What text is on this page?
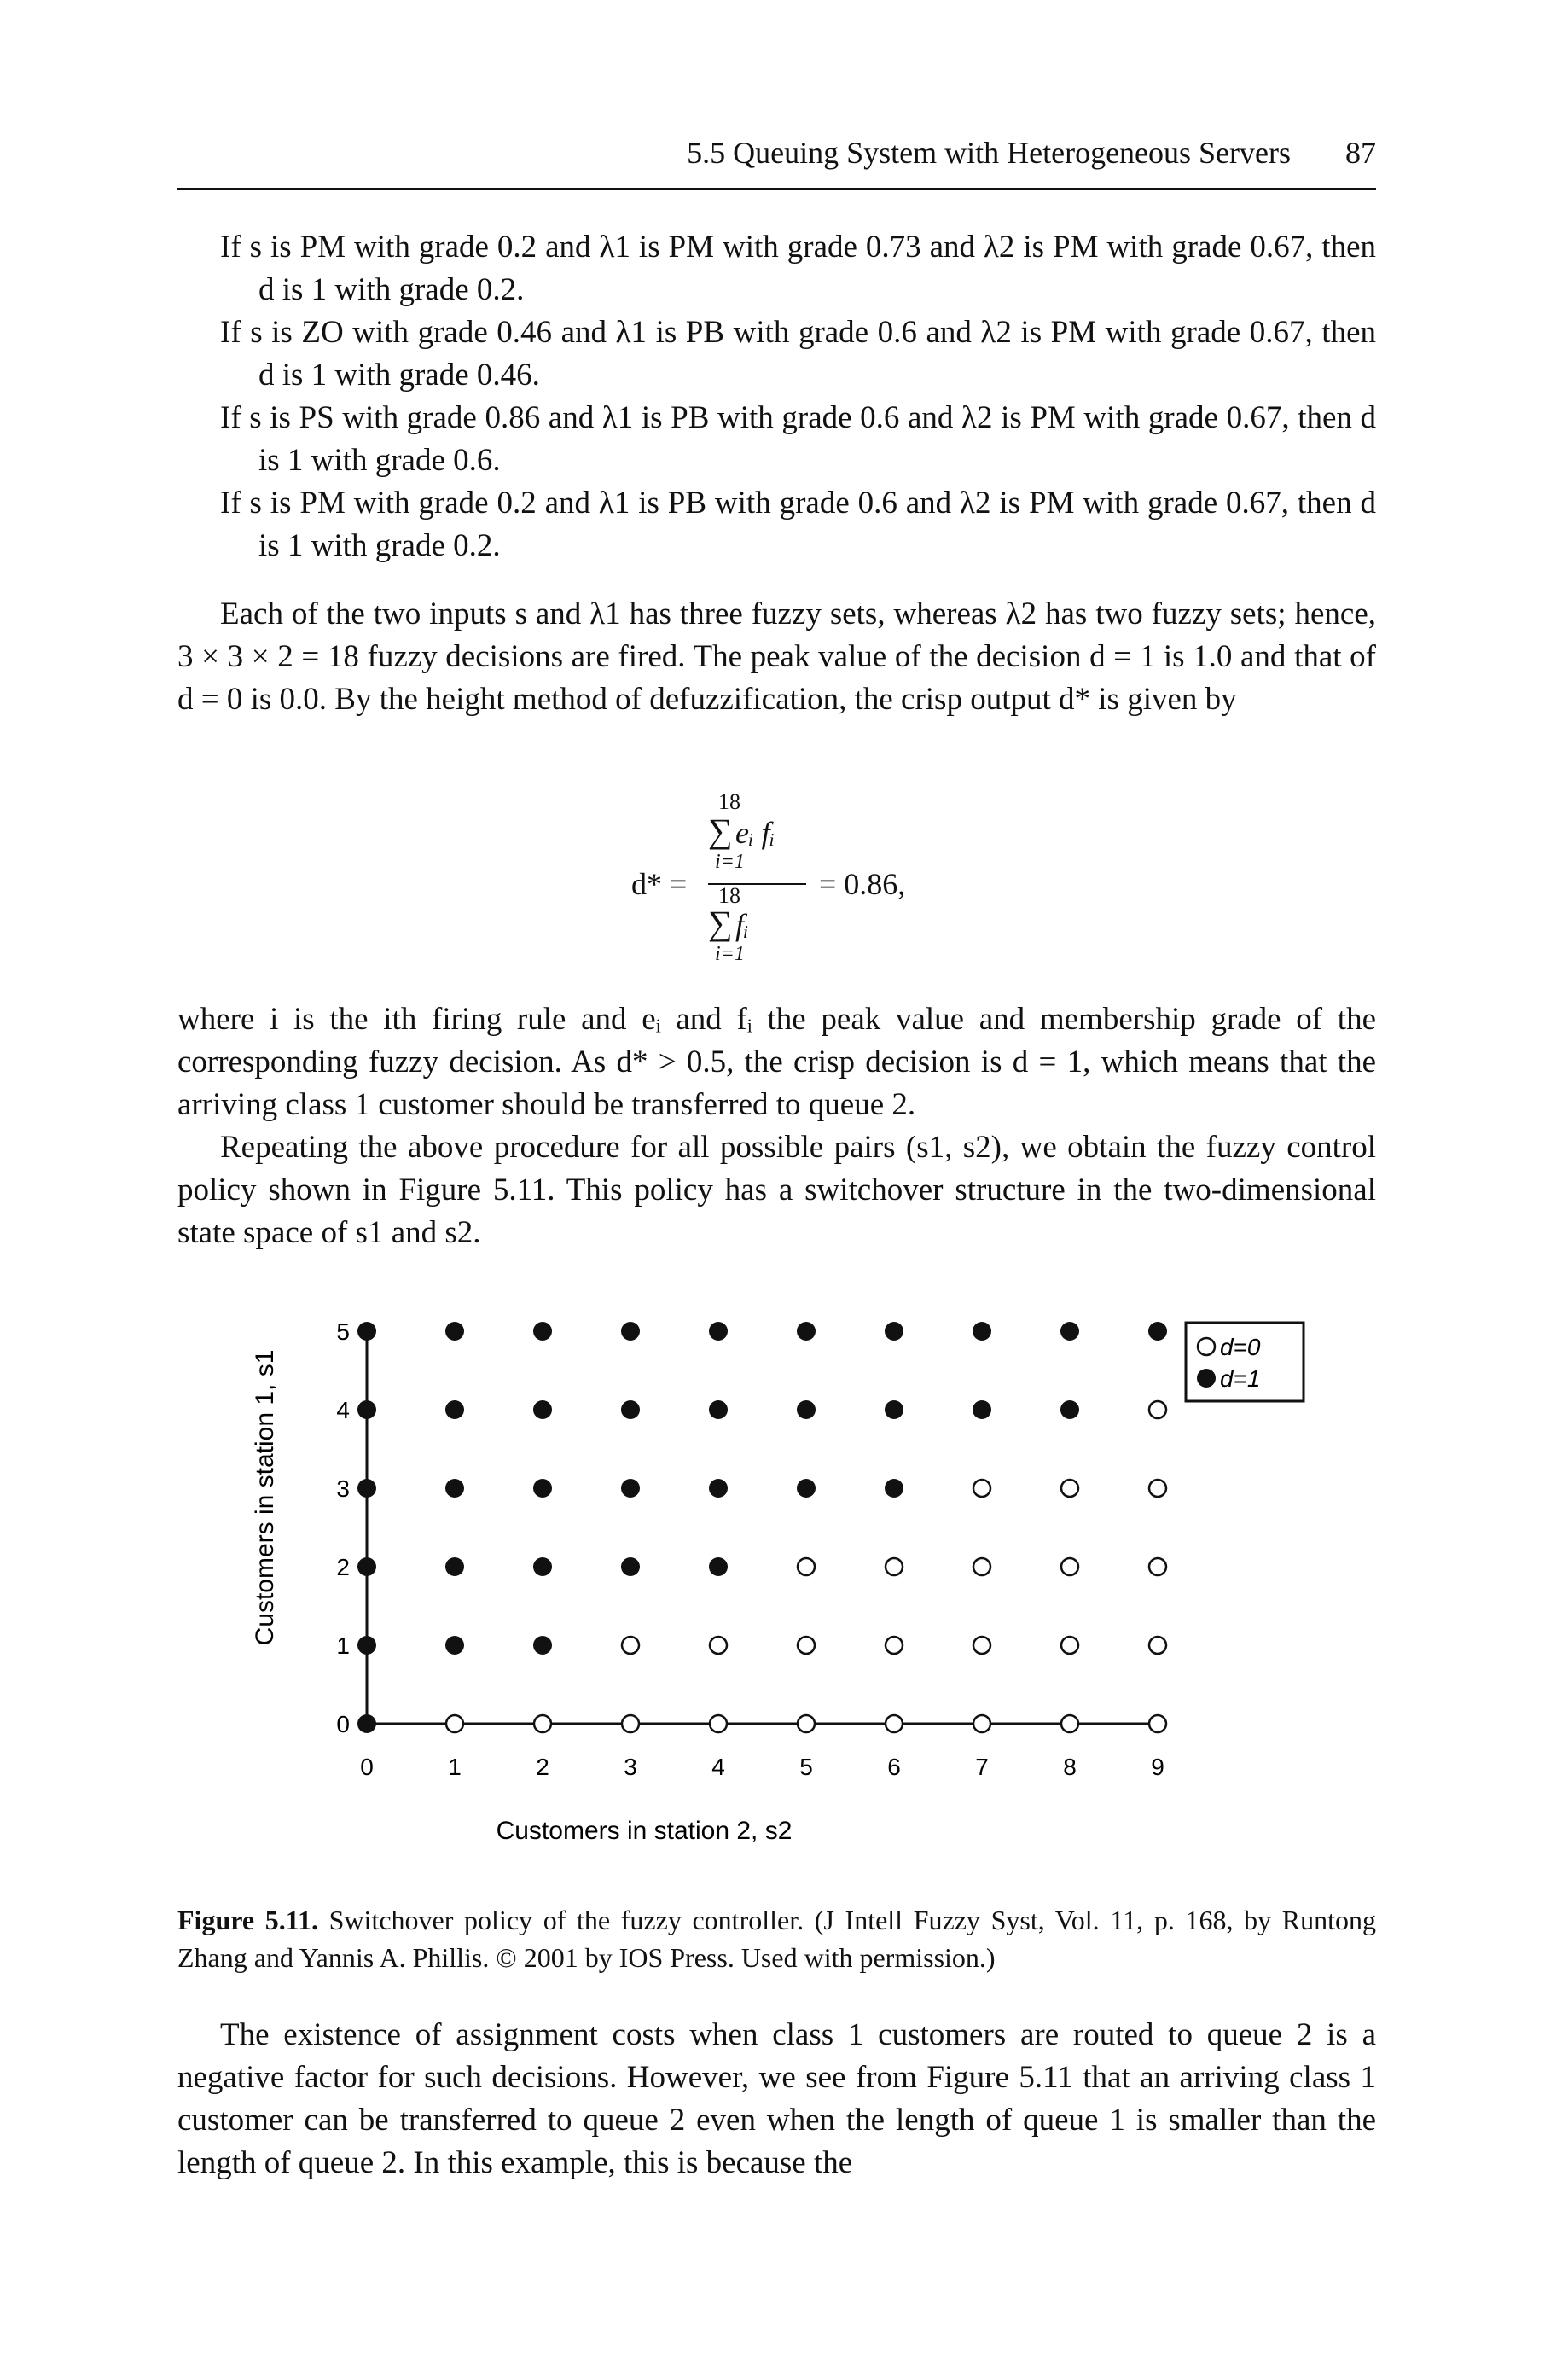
5.5 Queuing System with Heterogeneous Servers 87
If s is PM with grade 0.2 and λ1 is PM with grade 0.73 and λ2 is PM with grade 0.67, then d is 1 with grade 0.2.
If s is ZO with grade 0.46 and λ1 is PB with grade 0.6 and λ2 is PM with grade 0.67, then d is 1 with grade 0.46.
If s is PS with grade 0.86 and λ1 is PB with grade 0.6 and λ2 is PM with grade 0.67, then d is 1 with grade 0.6.
If s is PM with grade 0.2 and λ1 is PB with grade 0.6 and λ2 is PM with grade 0.67, then d is 1 with grade 0.2.
Each of the two inputs s and λ1 has three fuzzy sets, whereas λ2 has two fuzzy sets; hence, 3 × 3 × 2 = 18 fuzzy decisions are fired. The peak value of the decision d = 1 is 1.0 and that of d = 0 is 0.0. By the height method of defuzzification, the crisp output d* is given by
d* =
18
∑ eᵢ fᵢ
i=1
18
∑ fᵢ
i=1
= 0.86,
where i is the ith firing rule and eᵢ and fᵢ the peak value and membership grade of the corresponding fuzzy decision. As d* > 0.5, the crisp decision is d = 1, which means that the arriving class 1 customer should be transferred to queue 2.
Repeating the above procedure for all possible pairs (s1, s2), we obtain the fuzzy control policy shown in Figure 5.11. This policy has a switchover structure in the two-dimensional state space of s1 and s2.
0	1	2	3	4	5	6	7	8	9
0
1
2
3
4
5
Customers in station 1, s1
Customers in station 2, s2
d=0
d=1
Figure 5.11. Switchover policy of the fuzzy controller. (J Intell Fuzzy Syst, Vol. 11, p. 168, by Runtong Zhang and Yannis A. Phillis. © 2001 by IOS Press. Used with permission.)
The existence of assignment costs when class 1 customers are routed to queue 2 is a negative factor for such decisions. However, we see from Figure 5.11 that an arriving class 1 customer can be transferred to queue 2 even when the length of queue 1 is smaller than the length of queue 2. In this example, this is because the
